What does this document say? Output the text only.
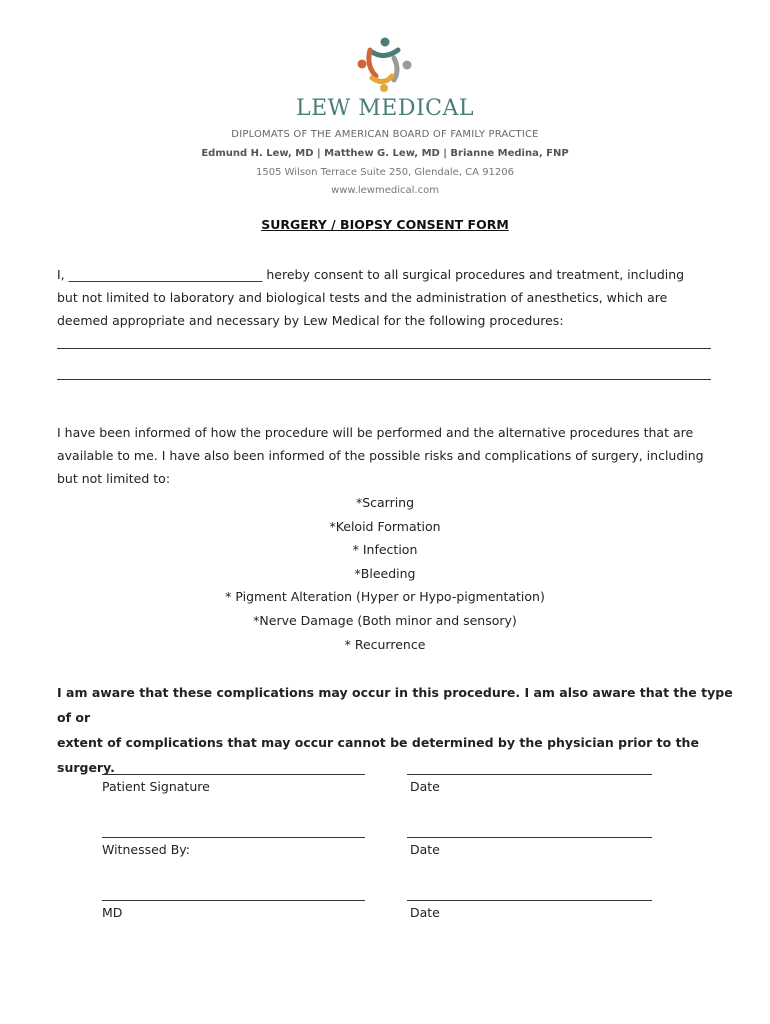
LEW MEDICAL
DIPLOMATS OF THE AMERICAN BOARD OF FAMILY PRACTICE
Edmund H. Lew, MD | Matthew G. Lew, MD | Brianne Medina, FNP
1505 Wilson Terrace Suite 250, Glendale, CA 91206
www.lewmedical.com
SURGERY / BIOPSY CONSENT FORM
I, _______________________________ hereby consent to all surgical procedures and treatment, including
but not limited to laboratory and biological tests and the administration of anesthetics, which are
deemed appropriate and necessary by Lew Medical for the following procedures:
I have been informed of how the procedure will be performed and the alternative procedures that are
available to me. I have also been informed of the possible risks and complications of surgery, including
but not limited to:
*Scarring
*Keloid Formation
* Infection
*Bleeding
* Pigment Alteration (Hyper or Hypo-pigmentation)
*Nerve Damage (Both minor and sensory)
* Recurrence
I am aware that these complications may occur in this procedure. I am also aware that the type of or
extent of complications that may occur cannot be determined by the physician prior to the surgery.
Patient Signature	Date
Witnessed By:	Date
MD	Date
